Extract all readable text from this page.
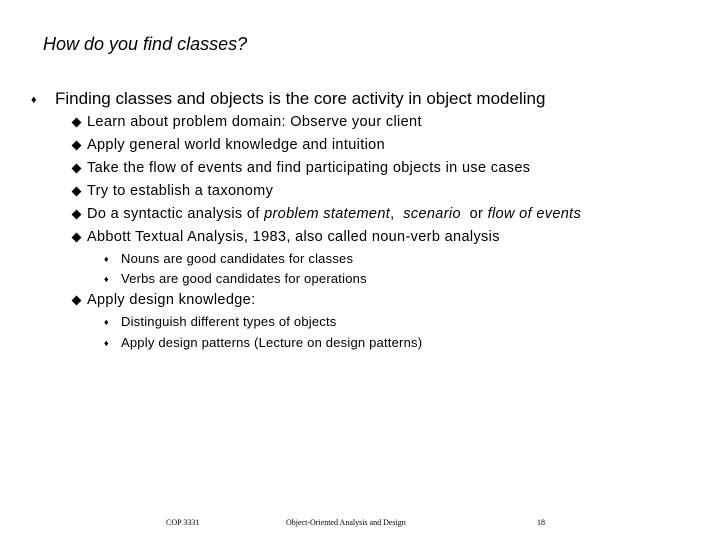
How do you find classes?
♦ Finding classes and objects is the core activity in object modeling
Learn about problem domain: Observe your client
Apply general world knowledge and intuition
Take the flow of events and find participating objects in use cases
Try to establish a taxonomy
Do a syntactic analysis of problem statement,  scenario  or flow of events
Abbott Textual Analysis, 1983, also called noun-verb analysis
♦ Nouns are good candidates for classes
♦ Verbs are good candidates for operations
Apply design knowledge:
♦ Distinguish different types of objects
♦ Apply design patterns (Lecture on design patterns)
COP 3331	Object-Oriented Analysis and Design	18
